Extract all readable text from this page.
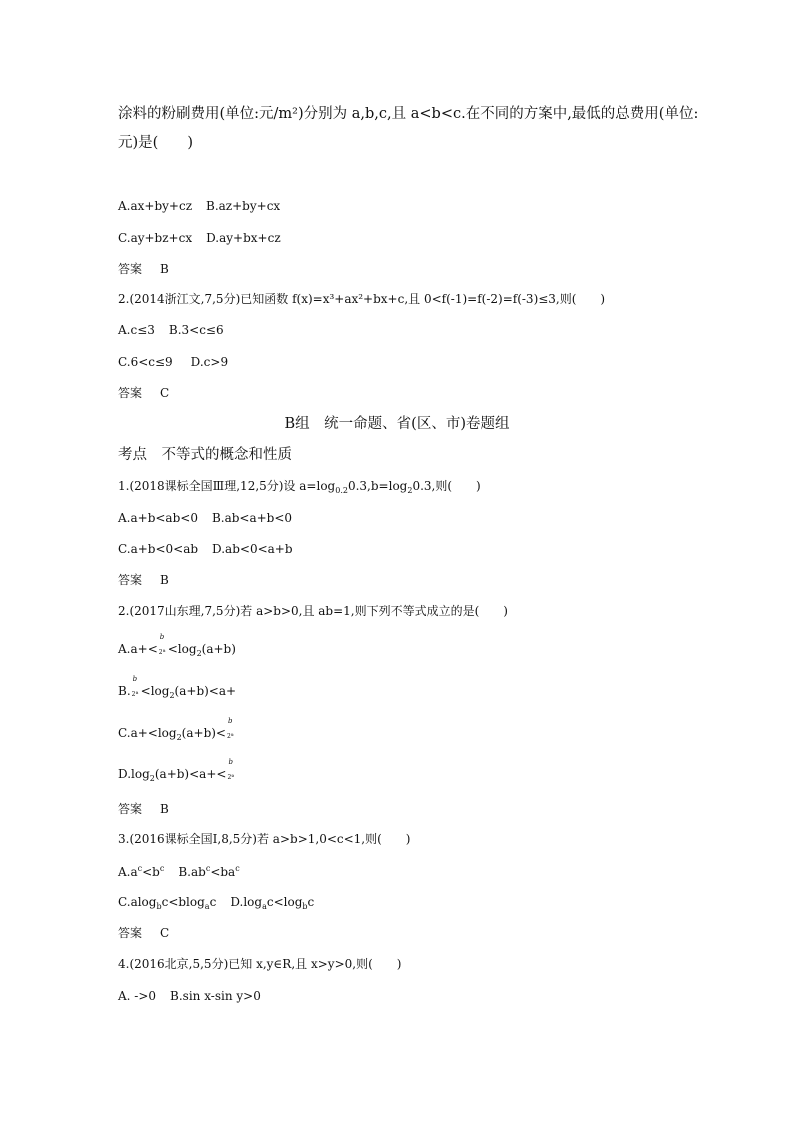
涂料的粉刷费用(单位:元/m²)分别为 a,b,c,且 a<b<c.在不同的方案中,最低的总费用(单位:
元)是(　　)
A.ax+by+cz B.az+by+cx
C.ay+bz+cx D.ay+bx+cz
答案 B
2.(2014浙江文,7,5分)已知函数 f(x)=x³+ax²+bx+c,且 0<f(-1)=f(-2)=f(-3)≤3,则(　　)
A.c≤3 B.3<c≤6
C.6<c≤9 D.c>9
答案 C
B组　统一命题、省(区、市)卷题组
考点　不等式的概念和性质
1.(2018课标全国Ⅲ理,12,5分)设 $a=\log_{0.2}0.3,b=\log_20.3$,则(　　)
A.a+b<ab<0 B.ab<a+b<0
C.a+b<0<ab D.ab<0<a+b
答案 B
2.(2017山东理,7,5分)若 a>b>0,且 ab=1,则下列不等式成立的是(　　)
A.a+<
b
2ª $<\log_2(a+b)$
B.
b
2ª $<\log_2(a+b)<a+$
$C.a+<\log_2(a+b)<$
b
2ª
$D.\log_2(a+b)<a+<$
b
2ª
答案 B
3.(2016课标全国Ⅰ,8,5分)若 a>b>1,0<c<1,则(　　)
$A.a^c<b^c$ $B.ab^c<ba^c$
C.alog$_b$c<blog$_a$c $D.\log_ac<\log_bc$
答案 C
4.(2016北京,5,5分)已知 x,y∈R,且 x>y>0,则(　　)
A. ->0 B.sin x-sin y>0
